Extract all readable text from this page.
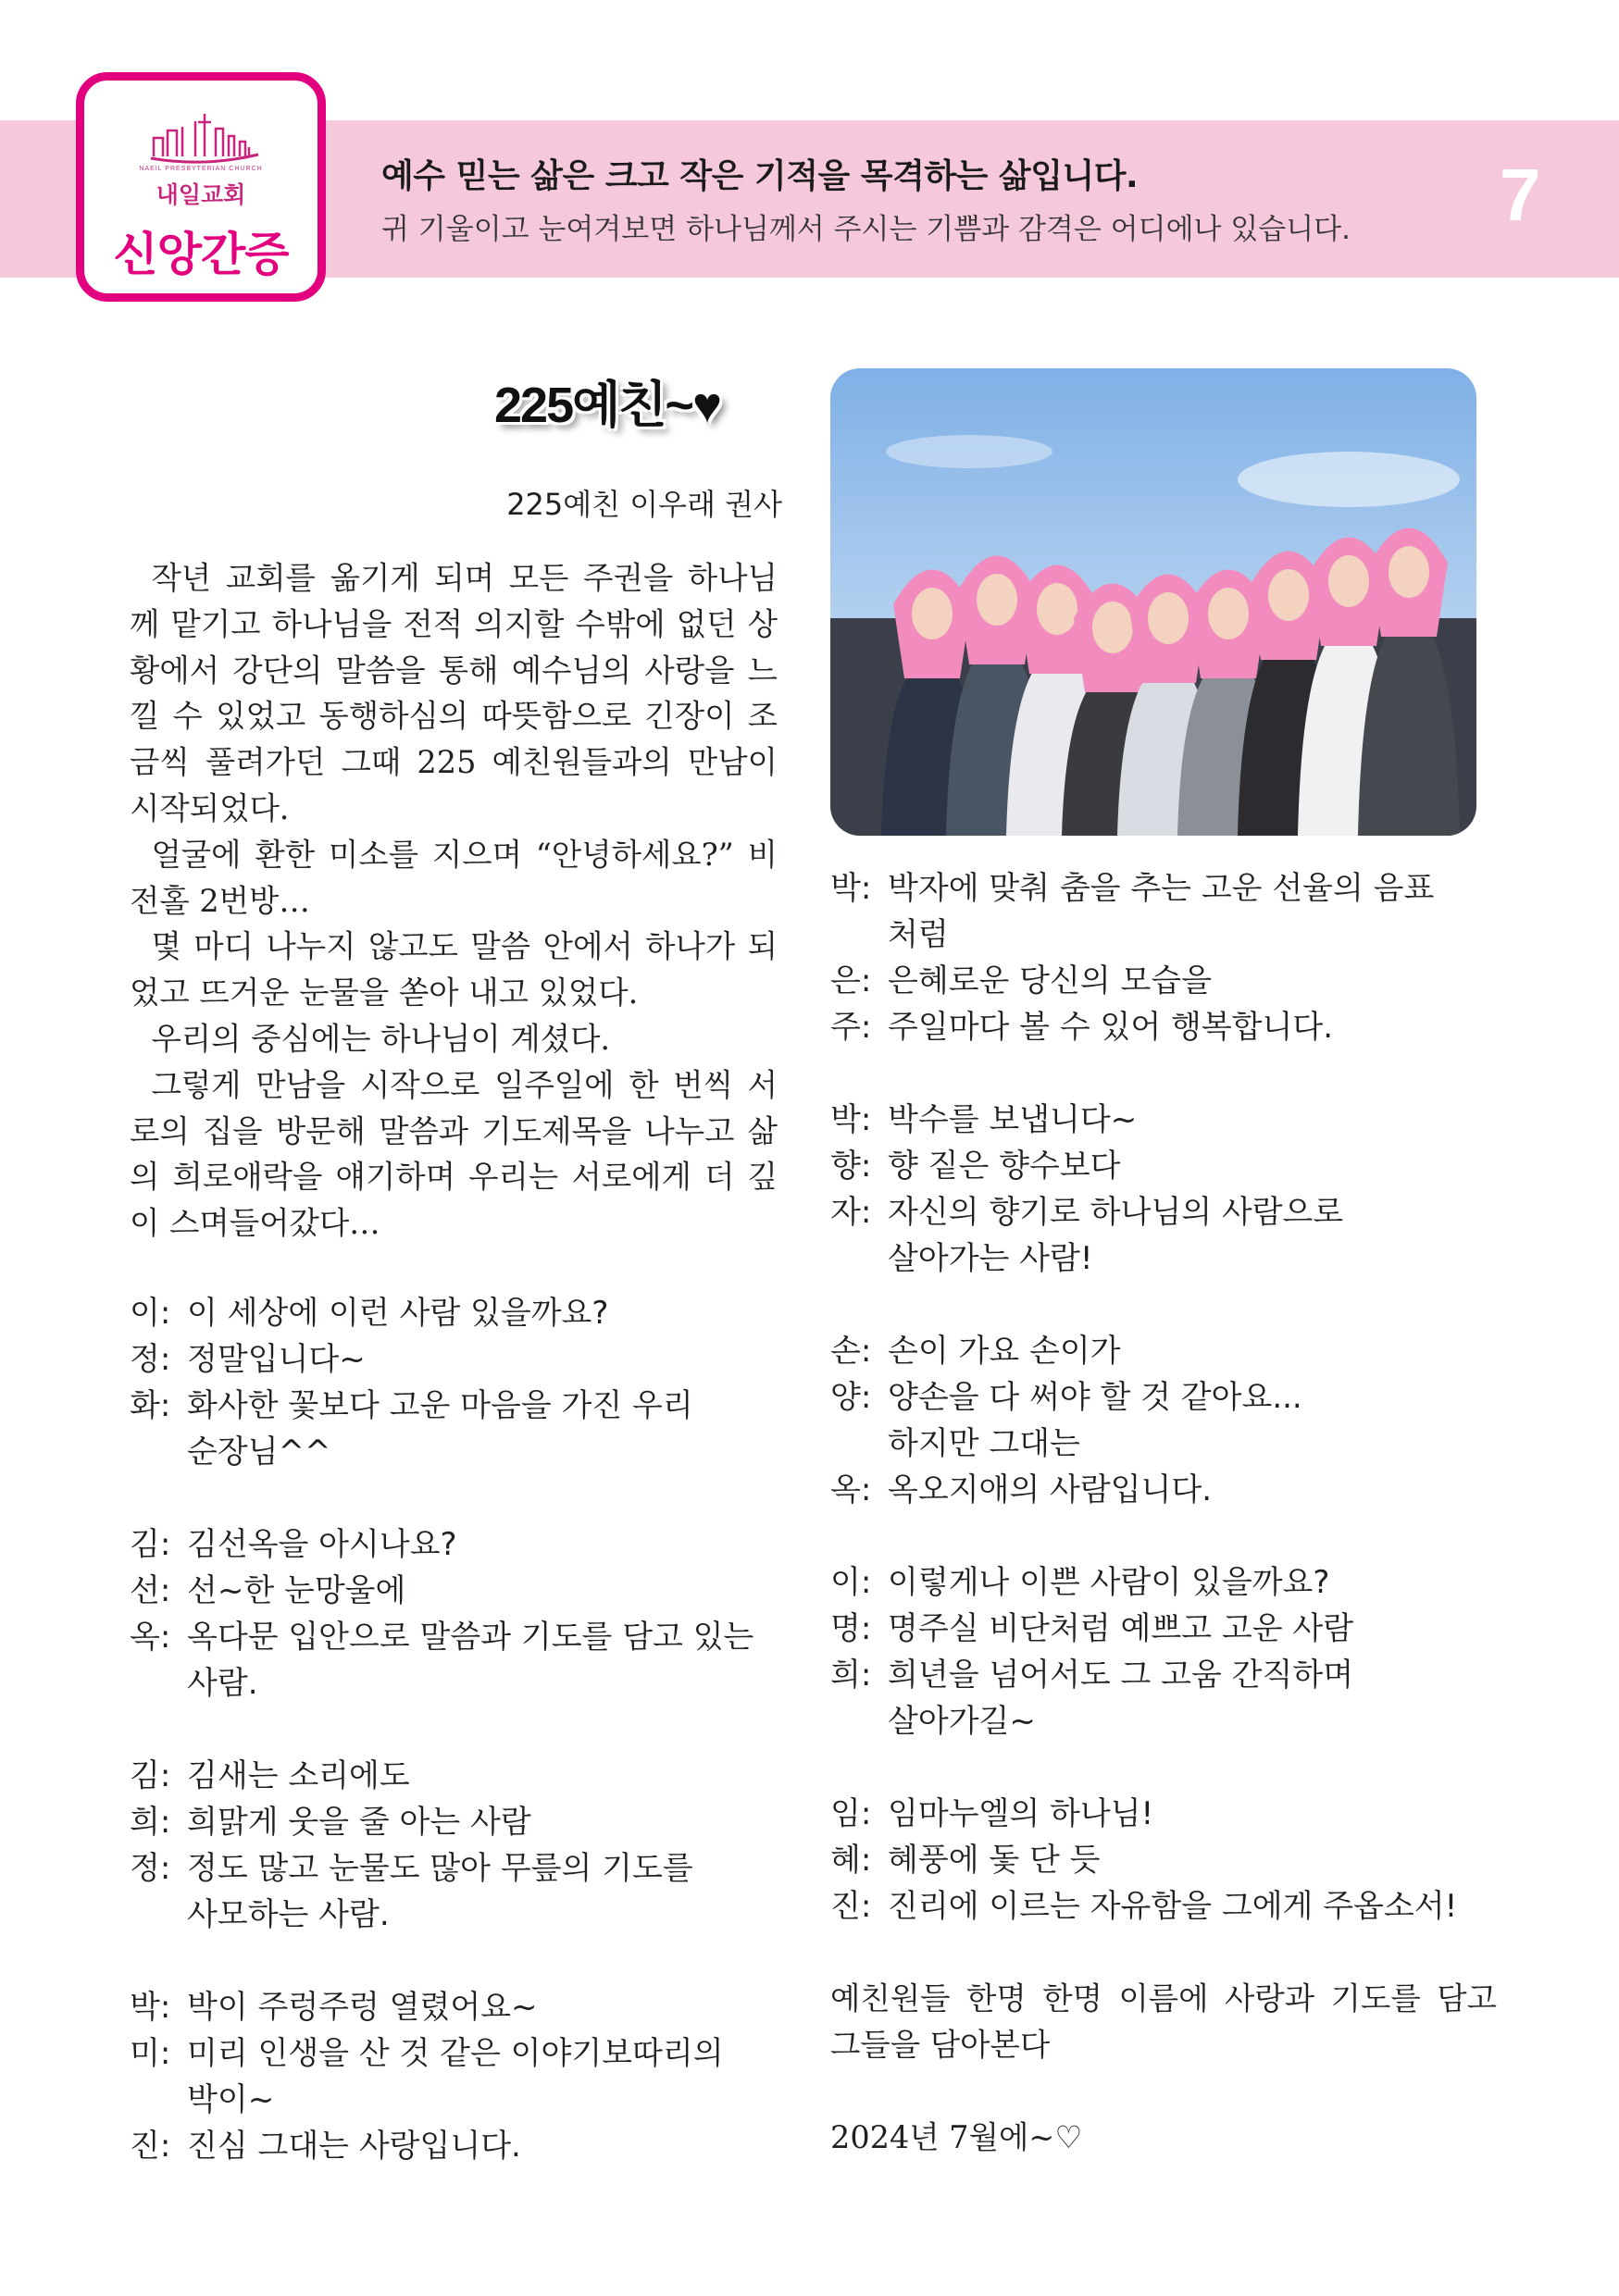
NAEIL PRESBYTERIAN CHURCH
내일교회
신앙간증
예수 믿는 삶은 크고 작은 기적을 목격하는 삶입니다.
귀 기울이고 눈여겨보면 하나님께서 주시는 기쁨과 감격은 어디에나 있습니다. 7
225예친~♥
225예친 이우래 권사

작년 교회를 옮기게 되며 모든 주권을 하나님께 맡기고 하나님을 전적 의지할 수밖에 없던 상황에서 강단의 말씀을 통해 예수님의 사랑을 느낄 수 있었고 동행하심의 따뜻함으로 긴장이 조금씩 풀려가던 그때 225 예친원들과의 만남이 시작되었다.

얼굴에 환한 미소를 지으며 “안녕하세요?” 비전홀 2번방…

몇 마디 나누지 않고도 말씀 안에서 하나가 되었고 뜨거운 눈물을 쏟아 내고 있었다.

우리의 중심에는 하나님이 계셨다.

그렇게 만남을 시작으로 일주일에 한 번씩 서로의 집을 방문해 말씀과 기도제목을 나누고 삶의 희로애락을 얘기하며 우리는 서로에게 더 깊이 스며들어갔다…

이: 이 세상에 이런 사람 있을까요?
정: 정말입니다~
화: 화사한 꽃보다 고운 마음을 가진 우리
순장님^^
김: 김선옥을 아시나요?
선: 선~한 눈망울에
옥: 옥다문 입안으로 말씀과 기도를 담고 있는
사람.
김: 김새는 소리에도
희: 희맑게 웃을 줄 아는 사람
정: 정도 많고 눈물도 많아 무릎의 기도를
사모하는 사람.
박: 박이 주렁주렁 열렸어요~
미: 미리 인생을 산 것 같은 이야기보따리의
박이~
진: 진심 그대는 사랑입니다.
박: 박자에 맞춰 춤을 추는 고운 선율의 음표
처럼
은: 은혜로운 당신의 모습을
주: 주일마다 볼 수 있어 행복합니다.
박: 박수를 보냅니다~
향: 향 짙은 향수보다
자: 자신의 향기로 하나님의 사람으로
살아가는 사람!
손: 손이 가요 손이가
양: 양손을 다 써야 할 것 같아요...
하지만 그대는
옥: 옥오지애의 사람입니다.
이: 이렇게나 이쁜 사람이 있을까요?
명: 명주실 비단처럼 예쁘고 고운 사람
희: 희년을 넘어서도 그 고움 간직하며
살아가길~
임: 임마누엘의 하나님!
혜: 혜풍에 돛 단 듯
진: 진리에 이르는 자유함을 그에게 주옵소서!

예친원들 한명 한명 이름에 사랑과 기도를 담고 그들을 담아본다

2024년 7월에~♡
